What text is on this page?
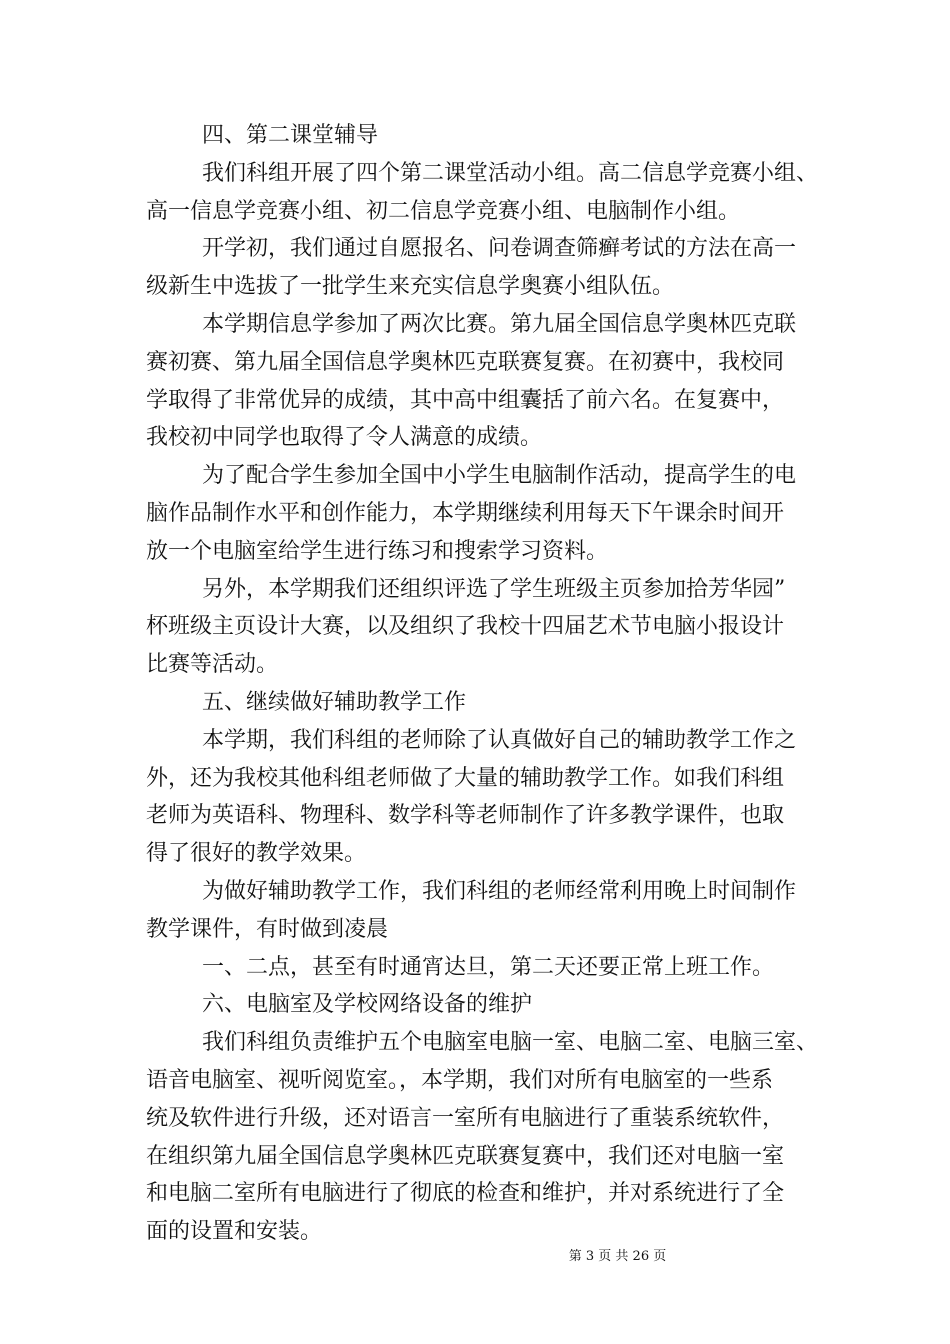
四、第二课堂辅导

我们科组开展了四个第二课堂活动小组。高二信息学竞赛小组、

高一信息学竞赛小组、初二信息学竞赛小组、电脑制作小组。

开学初，我们通过自愿报名、问卷调查筛癣考试的方法在高一

级新生中选拔了一批学生来充实信息学奥赛小组队伍。

本学期信息学参加了两次比赛。第九届全国信息学奥林匹克联

赛初赛、第九届全国信息学奥林匹克联赛复赛。在初赛中，我校同

学取得了非常优异的成绩，其中高中组囊括了前六名。在复赛中，

我校初中同学也取得了令人满意的成绩。

为了配合学生参加全国中小学生电脑制作活动，提高学生的电

脑作品制作水平和创作能力，本学期继续利用每天下午课余时间开

放一个电脑室给学生进行练习和搜索学习资料。

另外，本学期我们还组织评选了学生班级主页参加拾芳华园”

杯班级主页设计大赛，以及组织了我校十四届艺术节电脑小报设计

比赛等活动。

五、继续做好辅助教学工作

本学期，我们科组的老师除了认真做好自己的辅助教学工作之

外，还为我校其他科组老师做了大量的辅助教学工作。如我们科组

老师为英语科、物理科、数学科等老师制作了许多教学课件，也取

得了很好的教学效果。

为做好辅助教学工作，我们科组的老师经常利用晚上时间制作

教学课件，有时做到凌晨

一、二点，甚至有时通宵达旦，第二天还要正常上班工作。

六、电脑室及学校网络设备的维护

我们科组负责维护五个电脑室电脑一室、电脑二室、电脑三室、

语音电脑室、视听阅览室。，本学期，我们对所有电脑室的一些系

统及软件进行升级，还对语言一室所有电脑进行了重装系统软件，

在组织第九届全国信息学奥林匹克联赛复赛中，我们还对电脑一室

和电脑二室所有电脑进行了彻底的检查和维护，并对系统进行了全

面的设置和安装。

第 3 页 共 26 页
